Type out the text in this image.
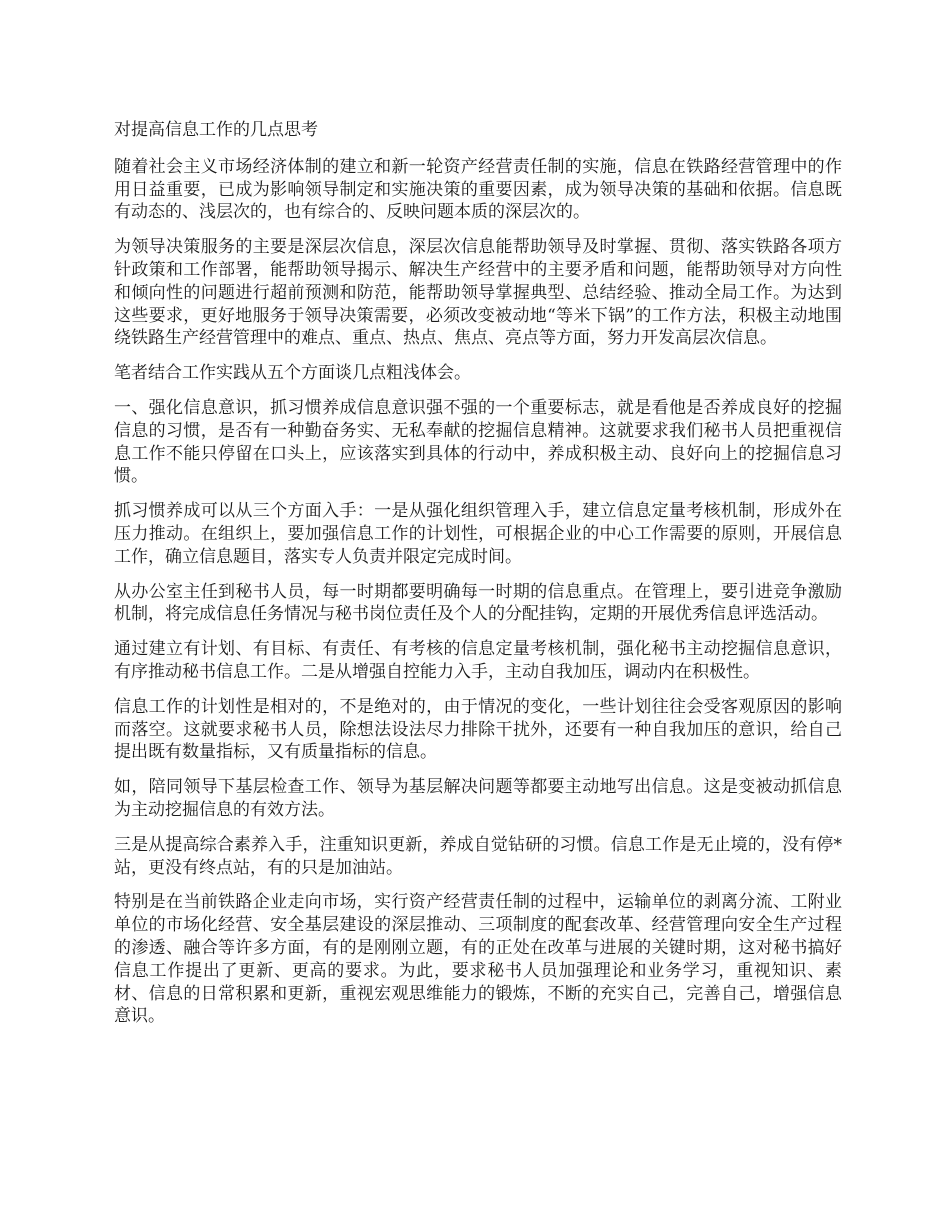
对提高信息工作的几点思考

随着社会主义市场经济体制的建立和新一轮资产经营责任制的实施，信息在铁路经营管理中的作用日益重要，已成为影响领导制定和实施决策的重要因素，成为领导决策的基础和依据。信息既有动态的、浅层次的，也有综合的、反映问题本质的深层次的。

为领导决策服务的主要是深层次信息，深层次信息能帮助领导及时掌握、贯彻、落实铁路各项方针政策和工作部署，能帮助领导揭示、解决生产经营中的主要矛盾和问题，能帮助领导对方向性和倾向性的问题进行超前预测和防范，能帮助领导掌握典型、总结经验、推动全局工作。为达到这些要求，更好地服务于领导决策需要，必须改变被动地“等米下锅”的工作方法，积极主动地围绕铁路生产经营管理中的难点、重点、热点、焦点、亮点等方面，努力开发高层次信息。

笔者结合工作实践从五个方面谈几点粗浅体会。

一、强化信息意识，抓习惯养成信息意识强不强的一个重要标志，就是看他是否养成良好的挖掘信息的习惯，是否有一种勤奋务实、无私奉献的挖掘信息精神。这就要求我们秘书人员把重视信息工作不能只停留在口头上，应该落实到具体的行动中，养成积极主动、良好向上的挖掘信息习惯。

抓习惯养成可以从三个方面入手：一是从强化组织管理入手，建立信息定量考核机制，形成外在压力推动。在组织上，要加强信息工作的计划性，可根据企业的中心工作需要的原则，开展信息工作，确立信息题目，落实专人负责并限定完成时间。

从办公室主任到秘书人员，每一时期都要明确每一时期的信息重点。在管理上，要引进竞争激励机制，将完成信息任务情况与秘书岗位责任及个人的分配挂钩，定期的开展优秀信息评选活动。

通过建立有计划、有目标、有责任、有考核的信息定量考核机制，强化秘书主动挖掘信息意识，有序推动秘书信息工作。二是从增强自控能力入手，主动自我加压，调动内在积极性。

信息工作的计划性是相对的，不是绝对的，由于情况的变化，一些计划往往会受客观原因的影响而落空。这就要求秘书人员，除想法设法尽力排除干扰外，还要有一种自我加压的意识，给自己提出既有数量指标，又有质量指标的信息。

如，陪同领导下基层检查工作、领导为基层解决问题等都要主动地写出信息。这是变被动抓信息为主动挖掘信息的有效方法。

三是从提高综合素养入手，注重知识更新，养成自觉钻研的习惯。信息工作是无止境的，没有停*站，更没有终点站，有的只是加油站。

特别是在当前铁路企业走向市场，实行资产经营责任制的过程中，运输单位的剥离分流、工附业单位的市场化经营、安全基层建设的深层推动、三项制度的配套改革、经营管理向安全生产过程的渗透、融合等许多方面，有的是刚刚立题，有的正处在改革与进展的关键时期，这对秘书搞好信息工作提出了更新、更高的要求。为此，要求秘书人员加强理论和业务学习，重视知识、素材、信息的日常积累和更新，重视宏观思维能力的锻炼，不断的充实自己，完善自己，增强信息意识。
